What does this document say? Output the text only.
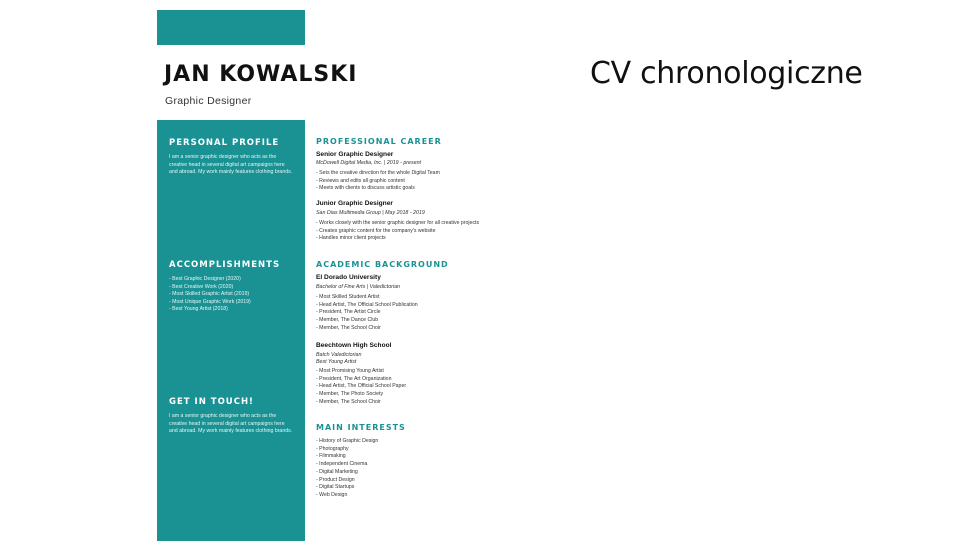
CV chronologiczne
JAN KOWALSKI
Graphic Designer
PERSONAL PROFILE
I am a senior graphic designer who acts as the creative head in several digital art campaigns here and abroad. My work mainly features clothing brands.
ACCOMPLISHMENTS
- Best Graphic Designer (2020)
- Best Creative Work (2020)
- Most Skilled Graphic Artist (2019)
- Most Unique Graphic Work (2019)
- Best Young Artist (2018)
GET IN TOUCH!
I am a senior graphic designer who acts as the creative head in several digital art campaigns here and abroad. My work mainly features clothing brands.
PROFESSIONAL CAREER
Senior Graphic Designer
McDowell Digital Media, Inc. | 2019 - present
- Sets the creative direction for the whole Digital Team
- Reviews and edits all graphic content
- Meets with clients to discuss artistic goals
Junior Graphic Designer
San Dias Multimedia Group | May 2018 - 2019
- Works closely with the senior graphic designer for all creative projects
- Creates graphic content for the company's website
- Handles minor client projects
ACADEMIC BACKGROUND
El Dorado University
Bachelor of Fine Arts | Valedictorian
- Most Skilled Student Artist
- Head Artist, The Official School Publication
- President, The Artist Circle
- Member, The Dance Club
- Member, The School Choir
Beechtown High School
Batch Valedictorian
Best Young Artist
- Most Promising Young Artist
- President, The Art Organization
- Head Artist, The Official School Paper
- Member, The Photo Society
- Member, The School Choir
MAIN INTERESTS
- History of Graphic Design
- Photography
- Filmmaking
- Independent Cinema
- Digital Marketing
- Product Design
- Digital Startups
- Web Design
